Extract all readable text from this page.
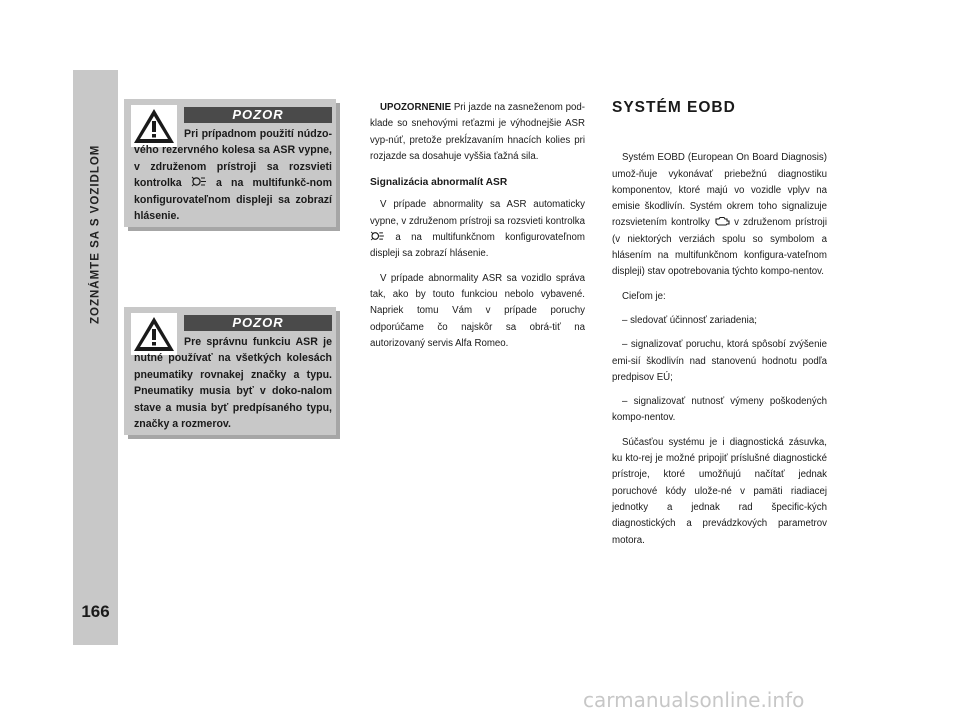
ZOZNÁMTE SA S VOZIDLOM
166
POZOR
Pri prípadnom použití núdzo-vého rezervného kolesa sa ASR vypne, v združenom prístroji sa rozsvieti kontrolka	a na multifunkč-nom konfigurovateľnom displeji sa zobrazí hlásenie.
POZOR
Pre správnu funkciu ASR je nutné používať na všetkých kolesách pneumatiky rovnakej značky a typu. Pneumatiky musia byť v doko-nalom stave a musia byť predpísaného typu, značky a rozmerov.

UPOZORNENIE Pri jazde na zasneženom pod-klade so snehovými reťazmi je výhodnejšie ASR vyp-núť, pretože prekĺzavaním hnacích kolies pri rozjazde sa dosahuje vyššia ťažná sila.

Signalizácia abnormalít ASR

V prípade abnormality sa ASR automaticky vypne, v združenom prístroji sa rozsvieti kontrolka  a na multifunkčnom konfigurovateľnom displeji sa zobrazí hlásenie.

V prípade abnormality ASR sa vozidlo správa tak, ako by touto funkciou nebolo vybavené. Napriek tomu Vám v prípade poruchy odporúčame čo najskôr sa obrá-tiť na autorizovaný servis Alfa Romeo.

SYSTÉM EOBD

Systém EOBD (European On Board Diagnosis) umož-ňuje vykonávať priebežnú diagnostiku komponentov, ktoré majú vo vozidle vplyv na emisie škodlivín. Systém okrem toho signalizuje rozsvietením kontrolky  v združenom prístroji (v niektorých verziách spolu so symbolom a hlásením na multifunkčnom konfigura-vateľnom displeji) stav opotrebovania týchto kompo-nentov.

Cieľom je:

– sledovať účinnosť zariadenia;

– signalizovať poruchu, ktorá spôsobí zvýšenie emi-sií škodlivín nad stanovenú hodnotu podľa predpisov EÚ;

– signalizovať nutnosť výmeny poškodených kompo-nentov.

Súčasťou systému je i diagnostická zásuvka, ku kto-rej je možné pripojiť príslušné diagnostické prístroje, ktoré umožňujú načítať jednak poruchové kódy ulože-né v pamäti riadiacej jednotky a jednak rad špecific-kých diagnostických a prevádzkových parametrov motora.

carmanualsonline.info
